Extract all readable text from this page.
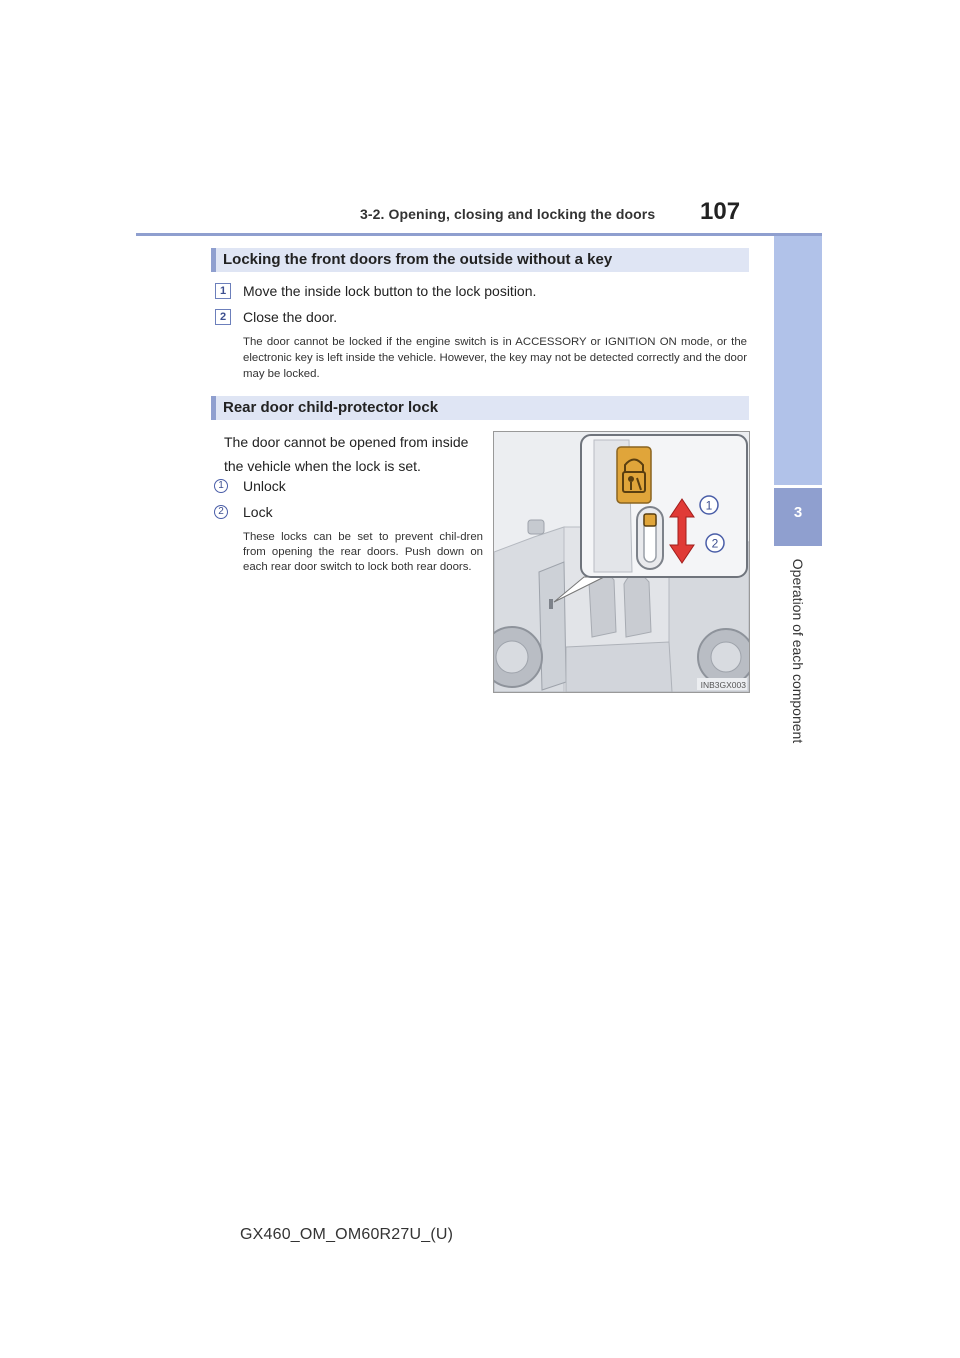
3-2. Opening, closing and locking the doors 107
3
Operation of each component
Locking the front doors from the outside without a key
1	Move the inside lock button to the lock position.
2	Close the door.
The door cannot be locked if the engine switch is in ACCESSORY or IGNITION ON mode, or the electronic key is left inside the vehicle. However, the key may not be detected correctly and the door may be locked.
Rear door child-protector lock
The door cannot be opened from inside the vehicle when the lock is set.
1	Unlock
2	Lock
These locks can be set to prevent chil-dren from opening the rear doors. Push down on each rear door switch to lock both rear doors.
1
2
INB3GX003
GX460_OM_OM60R27U_(U)
